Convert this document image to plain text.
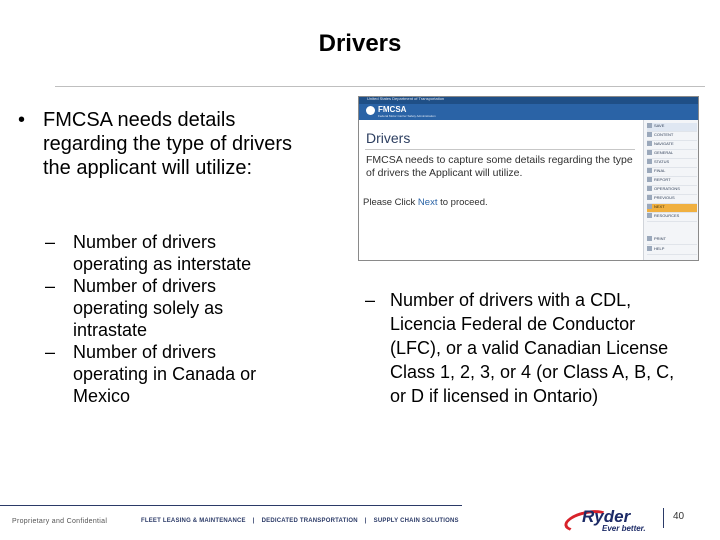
Drivers
• FMCSA needs details regarding the type of drivers the applicant will utilize:
– Number of drivers operating as interstate
– Number of drivers operating solely as intrastate
– Number of drivers operating in Canada or Mexico
– Number of drivers with a CDL, Licencia Federal de Conductor (LFC), or a valid Canadian License Class 1, 2, 3, or 4 (or Class A, B, C, or D if licensed in Ontario)
United States Department of Transportation
FMCSA
Federal Motor Carrier Safety Administration
Drivers
FMCSA needs to capture some details regarding the type of drivers the Applicant will utilize.
Please Click Next to proceed.
SAVE
CONTENT
NAVIGATE
GENERAL
STATUS
FINAL
REPORT
OPERATIONS
PREVIOUS
NEXT
RESOURCES
PRINT
HELP
Proprietary and Confidential	FLEET LEASING & MAINTENANCE | DEDICATED TRANSPORTATION | SUPPLY CHAIN SOLUTIONS	Ryder
Ever better.
40
